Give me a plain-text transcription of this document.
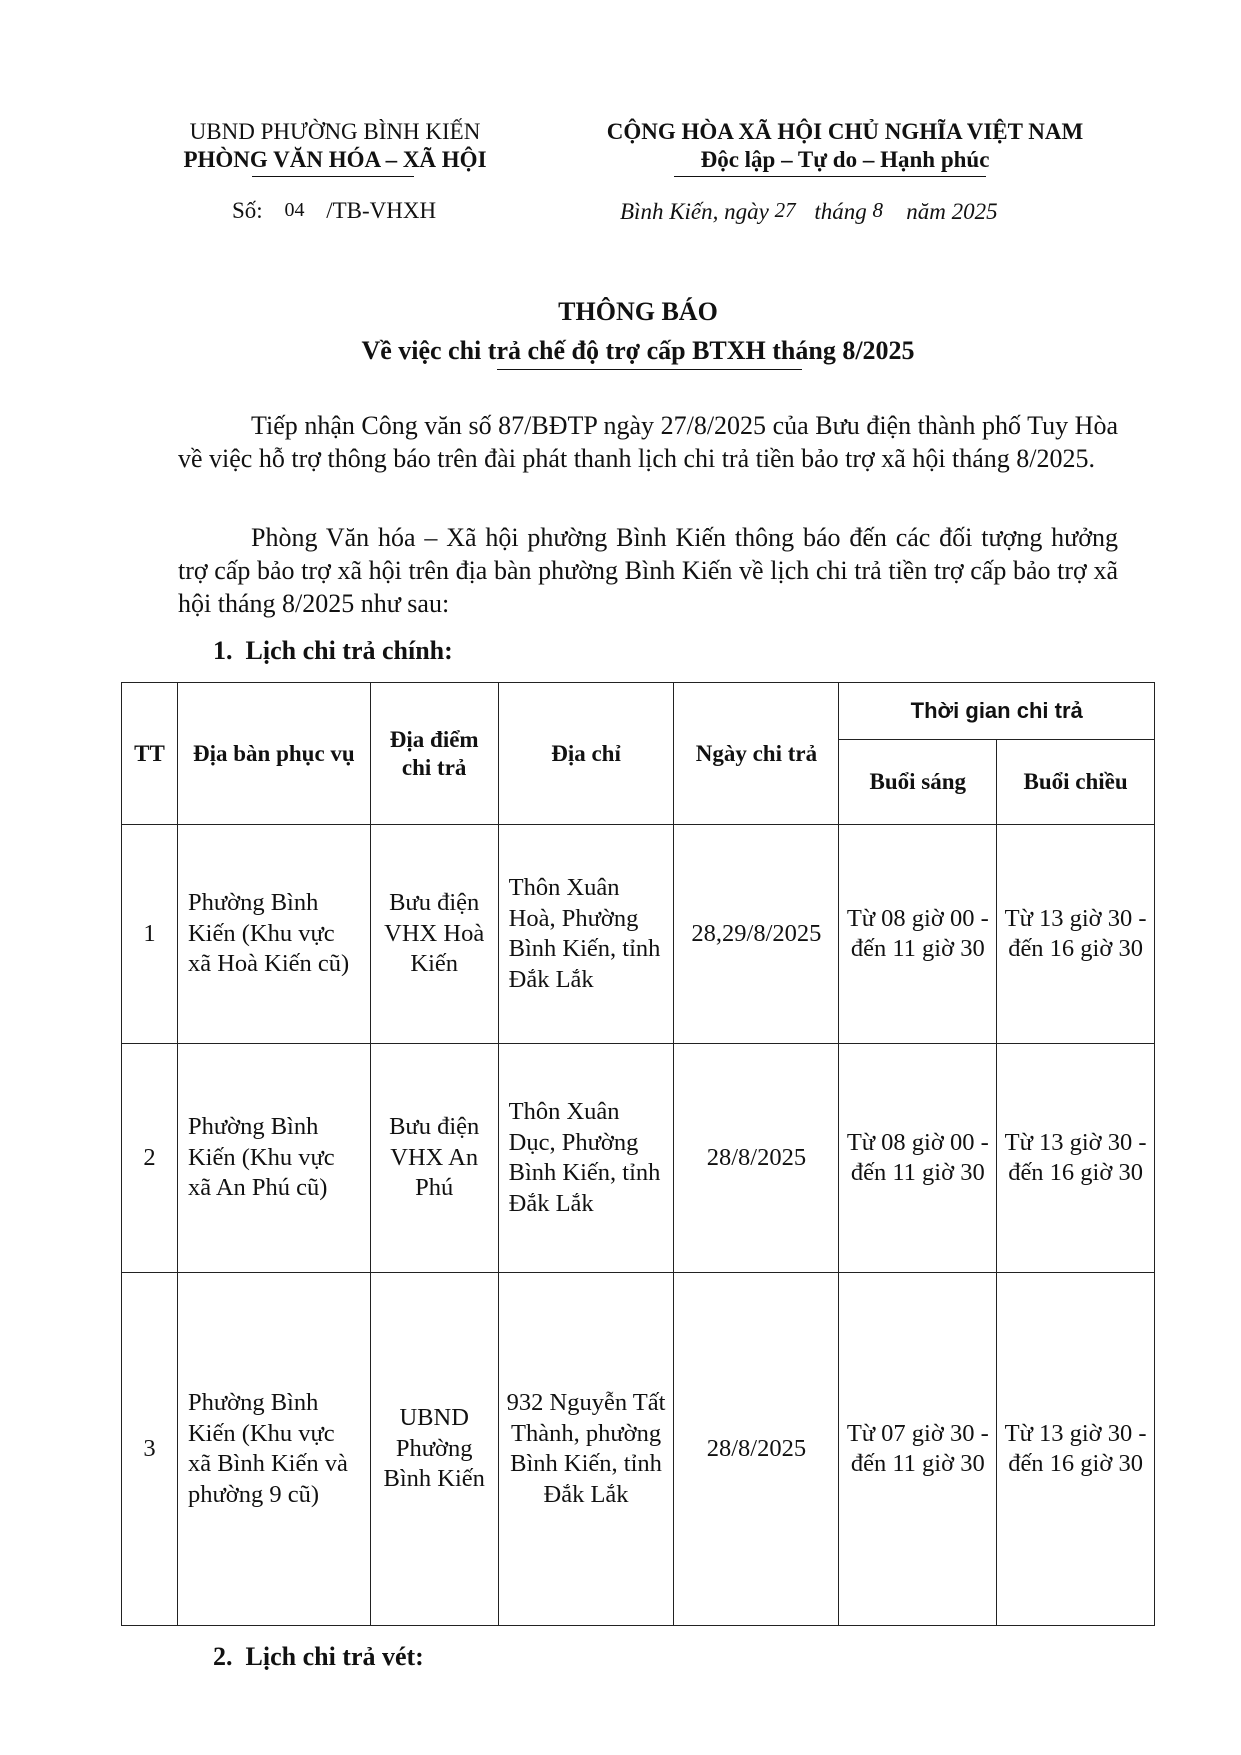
UBND PHƯỜNG BÌNH KIẾN
PHÒNG VĂN HÓA – XÃ HỘI
CỘNG HÒA XÃ HỘI CHỦ NGHĨA VIỆT NAM
Độc lập – Tự do – Hạnh phúc
Số: 04 /TB-VHXH	Bình Kiến, ngày 27 tháng 8 năm 2025
THÔNG BÁO
Về việc chi trả chế độ trợ cấp BTXH tháng 8/2025
Tiếp nhận Công văn số 87/BĐTP ngày 27/8/2025 của Bưu điện thành phố Tuy Hòa về việc hỗ trợ thông báo trên đài phát thanh lịch chi trả tiền bảo trợ xã hội tháng 8/2025.
Phòng Văn hóa – Xã hội phường Bình Kiến thông báo đến các đối tượng hưởng trợ cấp bảo trợ xã hội trên địa bàn phường Bình Kiến về lịch chi trả tiền trợ cấp bảo trợ xã hội tháng 8/2025 như sau:
1.  Lịch chi trả chính:
TT	Địa bàn phục vụ	Địa điểm chi trả	Địa chỉ	Ngày chi trả	Thời gian chi trả	
					Buổi sáng	Buổi chiều
1	Phường Bình Kiến (Khu vực xã Hoà Kiến cũ)	Bưu điện VHX Hoà Kiến	Thôn Xuân Hoà, Phường Bình Kiến, tỉnh Đắk Lắk	28,29/8/2025	Từ 08 giờ 00 - đến 11 giờ 30	Từ 13 giờ 30 - đến 16 giờ 30
2	Phường Bình Kiến (Khu vực xã An Phú cũ)	Bưu điện VHX An Phú	Thôn Xuân Dục, Phường Bình Kiến, tỉnh Đắk Lắk	28/8/2025	Từ 08 giờ 00 - đến 11 giờ 30	Từ 13 giờ 30 - đến 16 giờ 30
3	Phường Bình Kiến (Khu vực xã Bình Kiến và phường 9 cũ)	UBND Phường Bình Kiến	932 Nguyễn Tất Thành, phường Bình Kiến, tỉnh Đắk Lắk	28/8/2025	Từ 07 giờ 30 - đến 11 giờ 30	Từ 13 giờ 30 - đến 16 giờ 30
2.  Lịch chi trả vét:
